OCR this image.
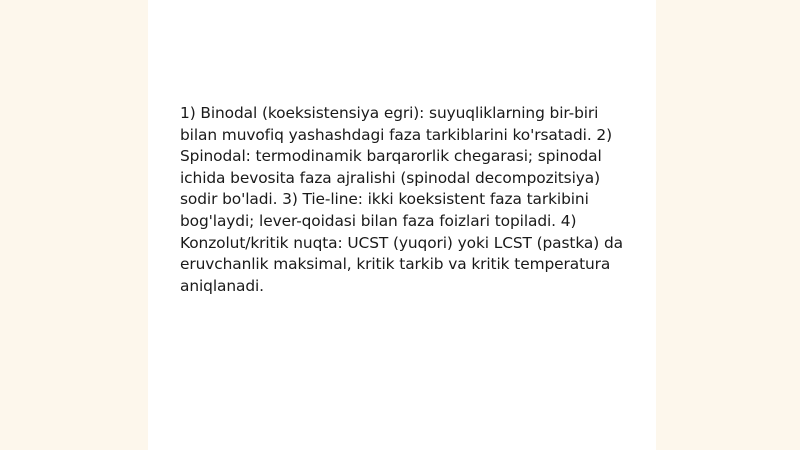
1) Binodal (koeksistensiya egri): suyuqliklarning bir-biri bilan muvofiq yashashdagi faza tarkiblarini ko'rsatadi. 2) Spinodal: termodinamik barqarorlik chegarasi; spinodal ichida bevosita faza ajralishi (spinodal decompozitsiya) sodir bo'ladi. 3) Tie-line: ikki koeksistent faza tarkibini bog'laydi; lever-qoidasi bilan faza foizlari topiladi. 4) Konzolut/kritik nuqta: UCST (yuqori) yoki LCST (pastka) da eruvchanlik maksimal, kritik tarkib va kritik temperatura aniqlanadi.
